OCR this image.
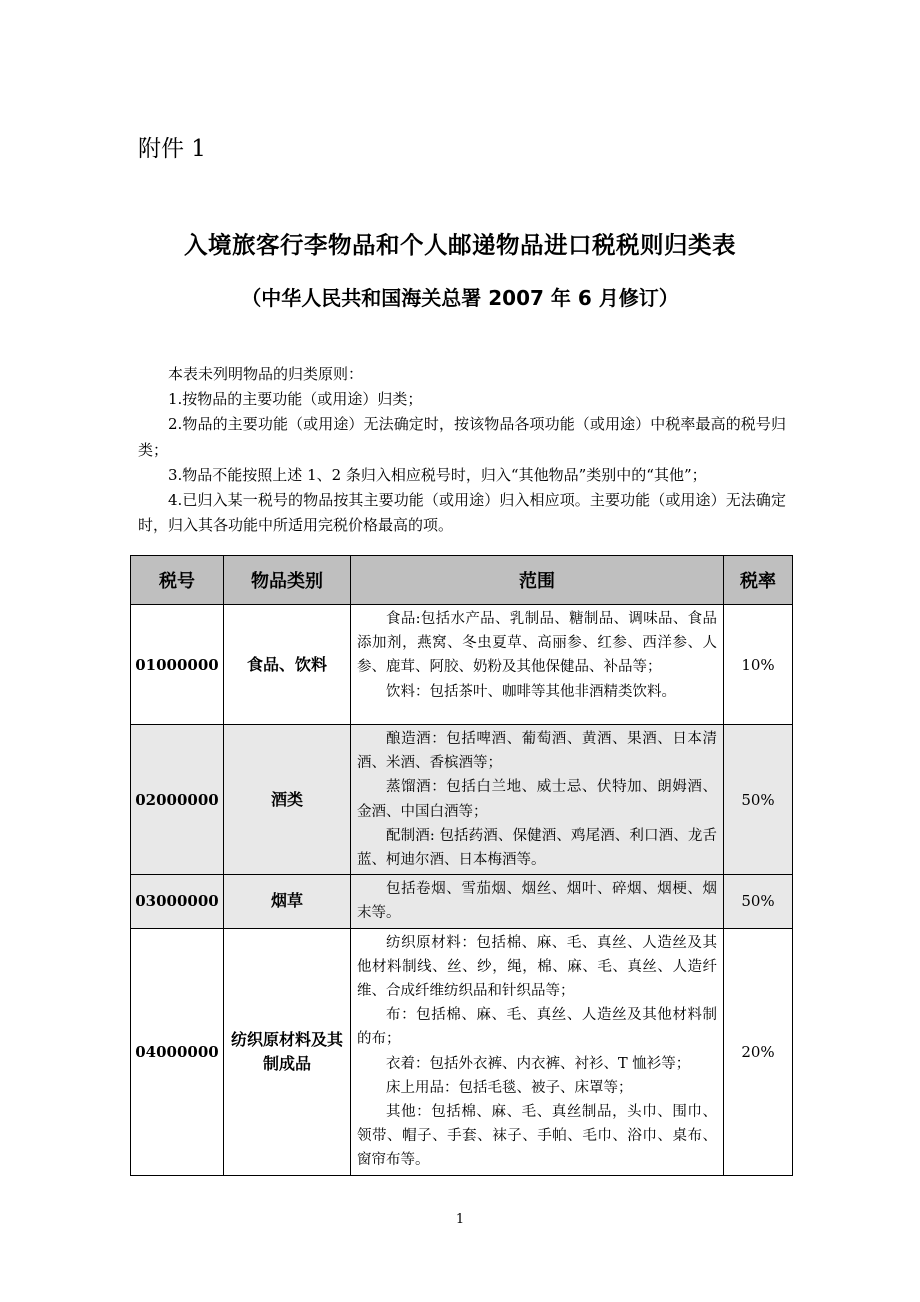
附件 1
入境旅客行李物品和个人邮递物品进口税税则归类表
（中华人民共和国海关总署 2007 年 6 月修订）

本表未列明物品的归类原则：

1.按物品的主要功能（或用途）归类；

2.物品的主要功能（或用途）无法确定时，按该物品各项功能（或用途）中税率最高的税号归类；

3.物品不能按照上述 1、2 条归入相应税号时，归入“其他物品”类别中的“其他”；

4.已归入某一税号的物品按其主要功能（或用途）归入相应项。主要功能（或用途）无法确定时，归入其各功能中所适用完税价格最高的项。

税号	物品类别	范围	税率
01000000	食品、饮料	食品:包括水产品、乳制品、糖制品、调味品、食品添加剂，燕窝、冬虫夏草、高丽参、红参、西洋参、人参、鹿茸、阿胶、奶粉及其他保健品、补品等；

饮料：包括茶叶、咖啡等其他非酒精类饮料。	10%
02000000	酒类	酿造酒：包括啤酒、葡萄酒、黄酒、果酒、日本清酒、米酒、香槟酒等；

蒸馏酒：包括白兰地、威士忌、伏特加、朗姆酒、金酒、中国白酒等；

配制酒: 包括药酒、保健酒、鸡尾酒、利口酒、龙舌蓝、柯迪尔酒、日本梅酒等。	50%
03000000	烟草	包括卷烟、雪茄烟、烟丝、烟叶、碎烟、烟梗、烟末等。	50%
04000000	纺织原材料及其制成品	纺织原材料：包括棉、麻、毛、真丝、人造丝及其他材料制线、丝、纱，绳，棉、麻、毛、真丝、人造纤维、合成纤维纺织品和针织品等；

布：包括棉、麻、毛、真丝、人造丝及其他材料制的布；

衣着：包括外衣裤、内衣裤、衬衫、T 恤衫等；

床上用品：包括毛毯、被子、床罩等；

其他：包括棉、麻、毛、真丝制品，头巾、围巾、领带、帽子、手套、袜子、手帕、毛巾、浴巾、桌布、窗帘布等。	20%
1
